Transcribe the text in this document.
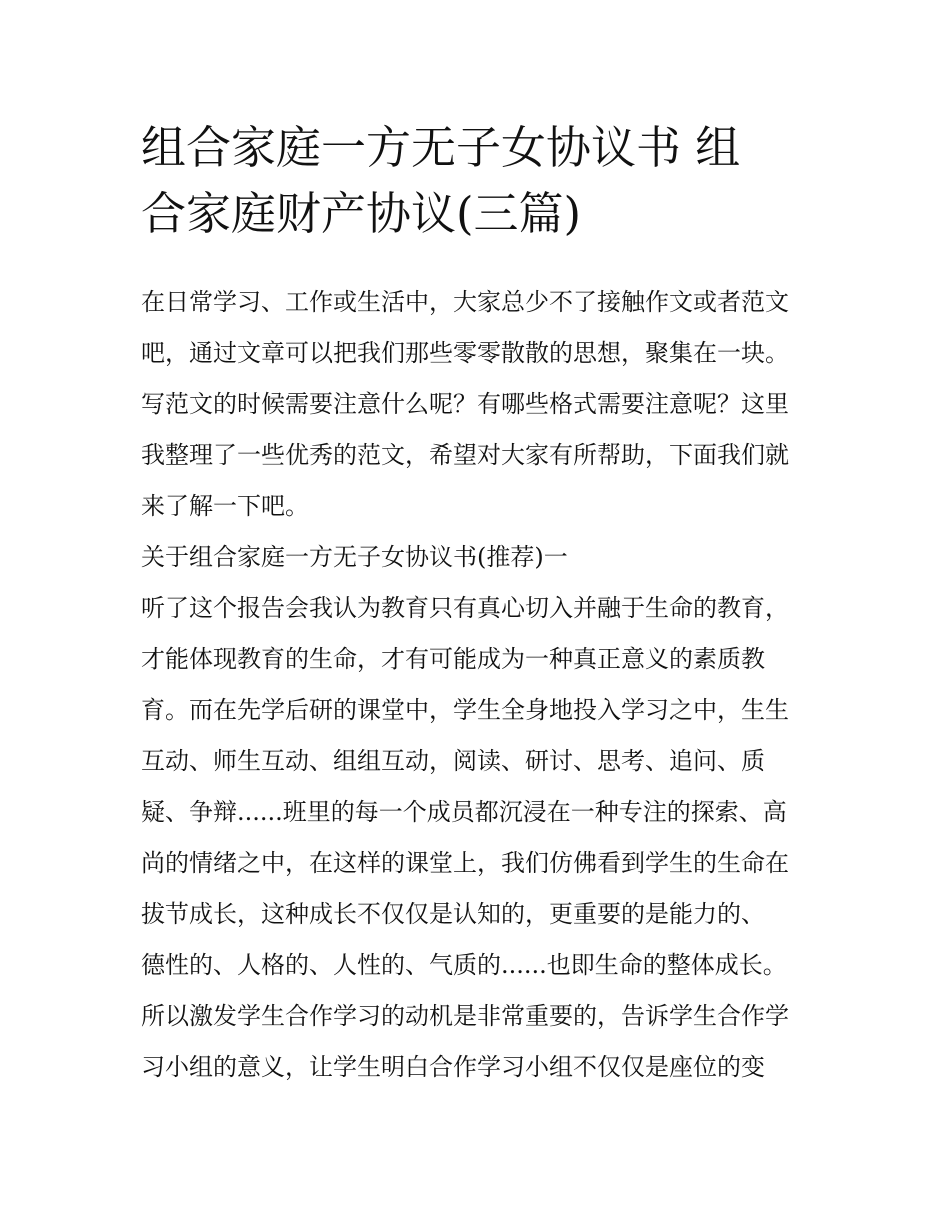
组合家庭一方无子女协议书 组
合家庭财产协议(三篇)
在日常学习、工作或生活中，大家总少不了接触作文或者范文
吧，通过文章可以把我们那些零零散散的思想，聚集在一块。
写范文的时候需要注意什么呢？有哪些格式需要注意呢？这里
我整理了一些优秀的范文，希望对大家有所帮助，下面我们就
来了解一下吧。
关于组合家庭一方无子女协议书(推荐)一
听了这个报告会我认为教育只有真心切入并融于生命的教育，
才能体现教育的生命，才有可能成为一种真正意义的素质教
育。而在先学后研的课堂中，学生全身地投入学习之中，生生
互动、师生互动、组组互动，阅读、研讨、思考、追问、质
疑、争辩......班里的每一个成员都沉浸在一种专注的探索、高
尚的情绪之中，在这样的课堂上，我们仿佛看到学生的生命在
拔节成长，这种成长不仅仅是认知的，更重要的是能力的、
德性的、人格的、人性的、气质的......也即生命的整体成长。
所以激发学生合作学习的动机是非常重要的，告诉学生合作学
习小组的意义，让学生明白合作学习小组不仅仅是座位的变
